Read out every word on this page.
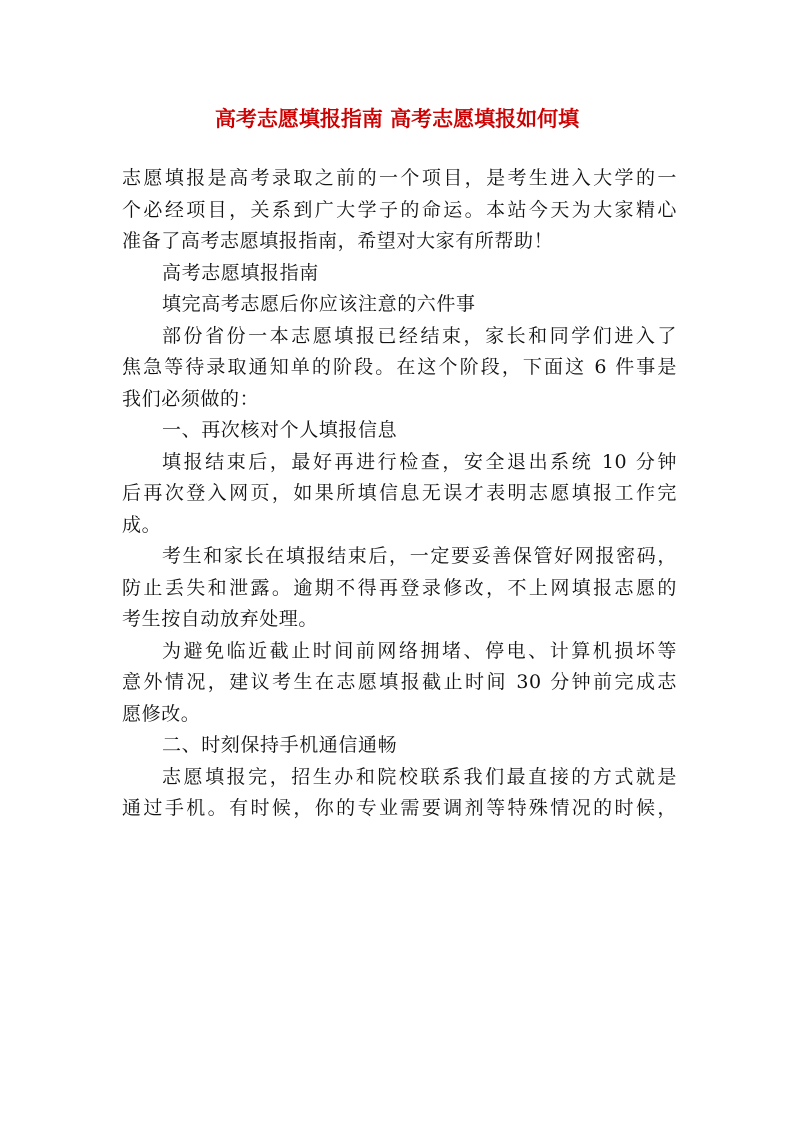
高考志愿填报指南 高考志愿填报如何填
志愿填报是高考录取之前的一个项目，是考生进入大学的一
个必经项目，关系到广大学子的命运。本站今天为大家精心
准备了高考志愿填报指南，希望对大家有所帮助！
高考志愿填报指南
填完高考志愿后你应该注意的六件事
部份省份一本志愿填报已经结束，家长和同学们进入了
焦急等待录取通知单的阶段。在这个阶段，下面这 6 件事是
我们必须做的：
一、再次核对个人填报信息
填报结束后，最好再进行检查，安全退出系统 10 分钟
后再次登入网页，如果所填信息无误才表明志愿填报工作完
成。
考生和家长在填报结束后，一定要妥善保管好网报密码，
防止丢失和泄露。逾期不得再登录修改，不上网填报志愿的
考生按自动放弃处理。
为避免临近截止时间前网络拥堵、停电、计算机损坏等
意外情况，建议考生在志愿填报截止时间 30 分钟前完成志
愿修改。
二、时刻保持手机通信通畅
志愿填报完，招生办和院校联系我们最直接的方式就是
通过手机。有时候，你的专业需要调剂等特殊情况的时候，
